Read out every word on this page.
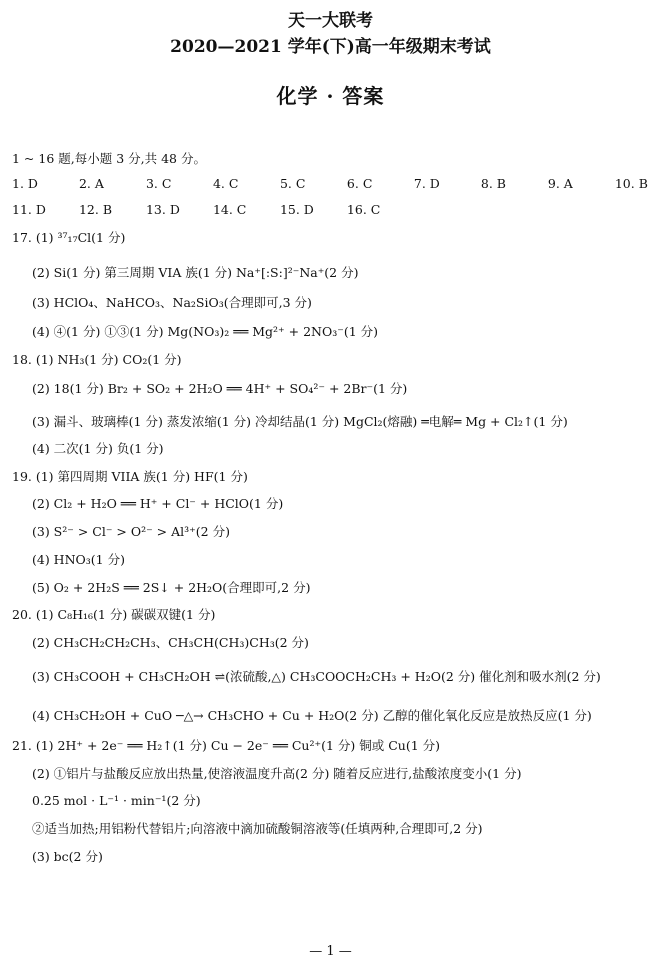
天一大联考
2020—2021 学年(下)高一年级期末考试
化学 · 答案
1 ~ 16 题,每小题 3 分,共 48 分。
1. D	2. A	3. C	4. C	5. C	6. C	7. D	8. B	9. A	10. B
11. D	12. B	13. D	14. C	15. D	16. C
17. (1) ³⁷₁₇Cl(1 分)
(2) Si(1 分) 第三周期 VIA 族(1 分) Na⁺[:S:]²⁻Na⁺(2 分)
(3) HClO₄、NaHCO₃、Na₂SiO₃(合理即可,3 分)
(4) ④(1 分) ①③(1 分) Mg(NO₃)₂ ══ Mg²⁺ + 2NO₃⁻(1 分)
18. (1) NH₃(1 分) CO₂(1 分)
(2) 18(1 分) Br₂ + SO₂ + 2H₂O ══ 4H⁺ + SO₄²⁻ + 2Br⁻(1 分)
(3) 漏斗、玻璃棒(1 分) 蒸发浓缩(1 分) 冷却结晶(1 分) MgCl₂(熔融) ═电解═ Mg + Cl₂↑(1 分)
(4) 二次(1 分) 负(1 分)
19. (1) 第四周期 VIIA 族(1 分) HF(1 分)
(2) Cl₂ + H₂O ══ H⁺ + Cl⁻ + HClO(1 分)
(3) S²⁻ > Cl⁻ > O²⁻ > Al³⁺(2 分)
(4) HNO₃(1 分)
(5) O₂ + 2H₂S ══ 2S↓ + 2H₂O(合理即可,2 分)
20. (1) C₈H₁₆(1 分) 碳碳双键(1 分)
(2) CH₃CH₂CH₂CH₃、CH₃CH(CH₃)CH₃(2 分)
(3) CH₃COOH + CH₃CH₂OH ⇌(浓硫酸,△) CH₃COOCH₂CH₃ + H₂O(2 分) 催化剂和吸水剂(2 分)
(4) CH₃CH₂OH + CuO ─△→ CH₃CHO + Cu + H₂O(2 分) 乙醇的催化氧化反应是放热反应(1 分)
21. (1) 2H⁺ + 2e⁻ ══ H₂↑(1 分) Cu − 2e⁻ ══ Cu²⁺(1 分) 铜或 Cu(1 分)
(2) ①铝片与盐酸反应放出热量,使溶液温度升高(2 分) 随着反应进行,盐酸浓度变小(1 分)
0.25 mol · L⁻¹ · min⁻¹(2 分)
②适当加热;用铝粉代替铝片;向溶液中滴加硫酸铜溶液等(任填两种,合理即可,2 分)
(3) bc(2 分)
— 1 —
